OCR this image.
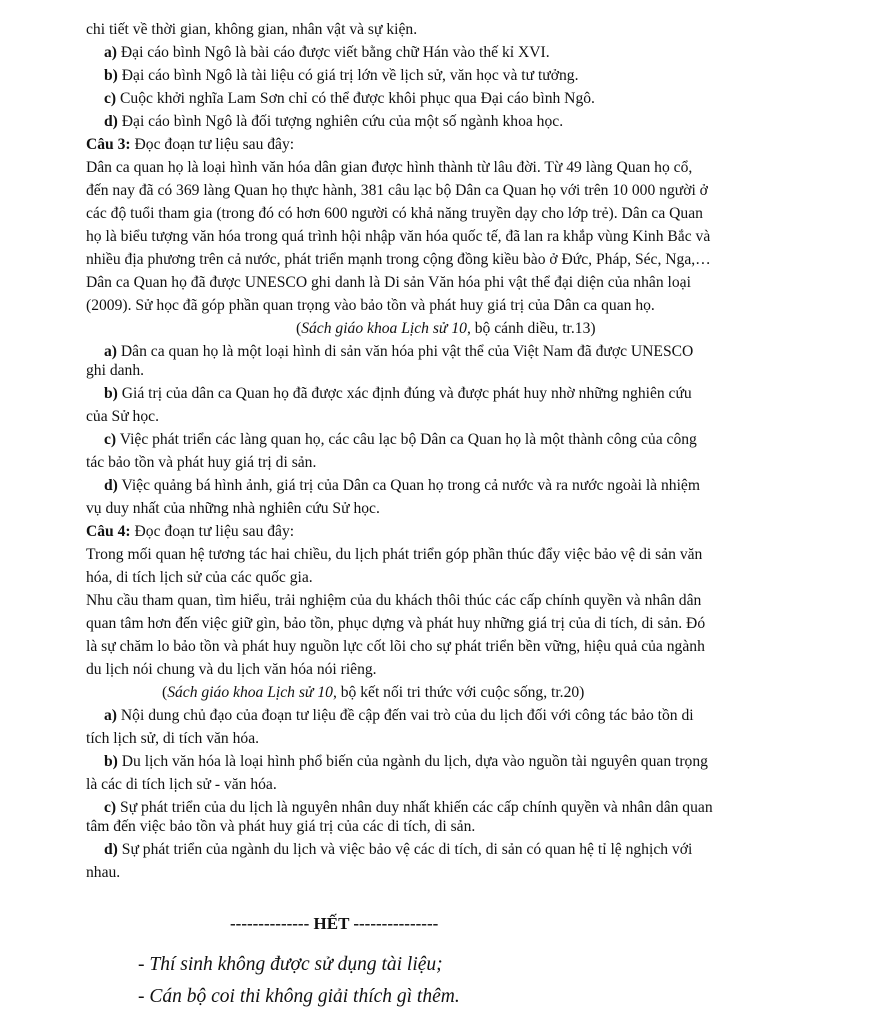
chi tiết về thời gian, không gian, nhân vật và sự kiện.
a) Đại cáo bình Ngô là bài cáo được viết bằng chữ Hán vào thế kỉ XVI.
b) Đại cáo bình Ngô là tài liệu có giá trị lớn về lịch sử, văn học và tư tưởng.
c) Cuộc khởi nghĩa Lam Sơn chỉ có thể được khôi phục qua Đại cáo bình Ngô.
d) Đại cáo bình Ngô là đối tượng nghiên cứu của một số ngành khoa học.
Câu 3: Đọc đoạn tư liệu sau đây:
Dân ca quan họ là loại hình văn hóa dân gian được hình thành từ lâu đời. Từ 49 làng Quan họ cổ,
đến nay đã có 369 làng Quan họ thực hành, 381 câu lạc bộ Dân ca Quan họ với trên 10 000 người ở
các độ tuổi tham gia (trong đó có hơn 600 người có khả năng truyền dạy cho lớp trẻ). Dân ca Quan
họ là biểu tượng văn hóa trong quá trình hội nhập văn hóa quốc tế, đã lan ra khắp vùng Kinh Bắc và
nhiều địa phương trên cả nước, phát triển mạnh trong cộng đồng kiều bào ở Đức, Pháp, Séc, Nga,…
Dân ca Quan họ đã được UNESCO ghi danh là Di sản Văn hóa phi vật thể đại diện của nhân loại
(2009). Sử học đã góp phần quan trọng vào bảo tồn và phát huy giá trị của Dân ca quan họ.
(Sách giáo khoa Lịch sử 10, bộ cánh diều, tr.13)
a) Dân ca quan họ là một loại hình di sản văn hóa phi vật thể của Việt Nam đã được UNESCO
ghi danh.
b) Giá trị của dân ca Quan họ đã được xác định đúng và được phát huy nhờ những nghiên cứu
của Sử học.
c) Việc phát triển các làng quan họ, các câu lạc bộ Dân ca Quan họ là một thành công của công
tác bảo tồn và phát huy giá trị di sản.
d) Việc quảng bá hình ảnh, giá trị của Dân ca Quan họ trong cả nước và ra nước ngoài là nhiệm
vụ duy nhất của những nhà nghiên cứu Sử học.
Câu 4: Đọc đoạn tư liệu sau đây:
Trong mối quan hệ tương tác hai chiều, du lịch phát triển góp phần thúc đẩy việc bảo vệ di sản văn
hóa, di tích lịch sử của các quốc gia.
Nhu cầu tham quan, tìm hiểu, trải nghiệm của du khách thôi thúc các cấp chính quyền và nhân dân
quan tâm hơn đến việc giữ gìn, bảo tồn, phục dựng và phát huy những giá trị của di tích, di sản. Đó
là sự chăm lo bảo tồn và phát huy nguồn lực cốt lõi cho sự phát triển bền vững, hiệu quả của ngành
du lịch nói chung và du lịch văn hóa nói riêng.
(Sách giáo khoa Lịch sử 10, bộ kết nối tri thức với cuộc sống, tr.20)
a) Nội dung chủ đạo của đoạn tư liệu đề cập đến vai trò của du lịch đối với công tác bảo tồn di
tích lịch sử, di tích văn hóa.
b) Du lịch văn hóa là loại hình phổ biến của ngành du lịch, dựa vào nguồn tài nguyên quan trọng
là các di tích lịch sử - văn hóa.
c) Sự phát triển của du lịch là nguyên nhân duy nhất khiến các cấp chính quyền và nhân dân quan
tâm đến việc bảo tồn và phát huy giá trị của các di tích, di sản.
d) Sự phát triển của ngành du lịch và việc bảo vệ các di tích, di sản có quan hệ tỉ lệ nghịch với
nhau.
-------------- HẾT ---------------
- Thí sinh không được sử dụng tài liệu;
- Cán bộ coi thi không giải thích gì thêm.
